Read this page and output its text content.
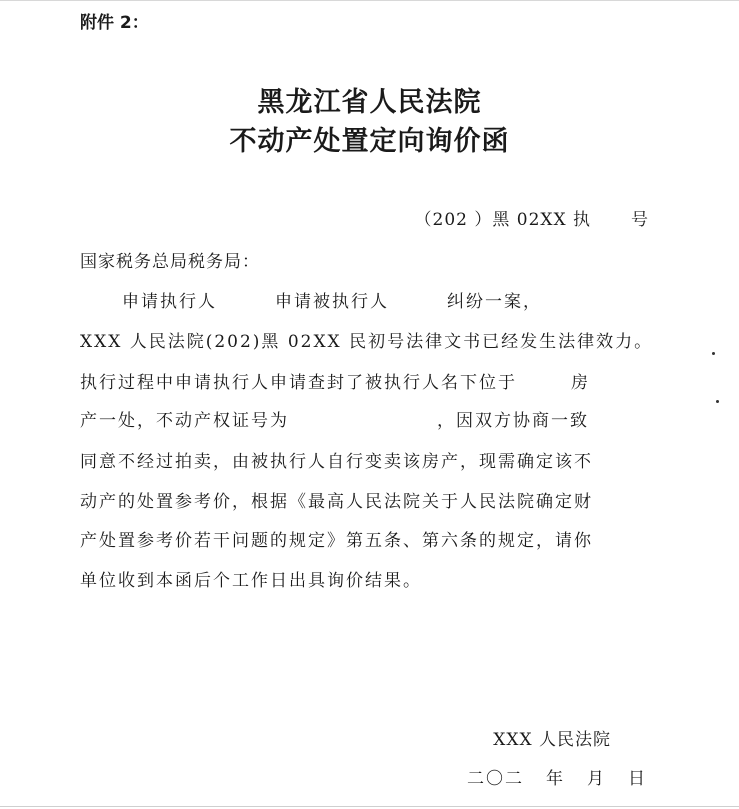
附件 2：
黑龙江省人民法院
不动产处置定向询价函
（202 ）黑 02XX 执 号
国家税务总局税务局：
申请执行人	申请被执行人	纠纷一案，
XXX 人民法院(202)黑 02XX 民初号法律文书已经发生法律效力。
执行过程中申请执行人申请查封了被执行人名下位于	房
产一处，不动产权证号为	，因双方协商一致
同意不经过拍卖，由被执行人自行变卖该房产，现需确定该不
动产的处置参考价，根据《最高人民法院关于人民法院确定财
产处置参考价若干问题的规定》第五条、第六条的规定，请你
单位收到本函后个工作日出具询价结果。
XXX 人民法院
二〇二 年 月 日
